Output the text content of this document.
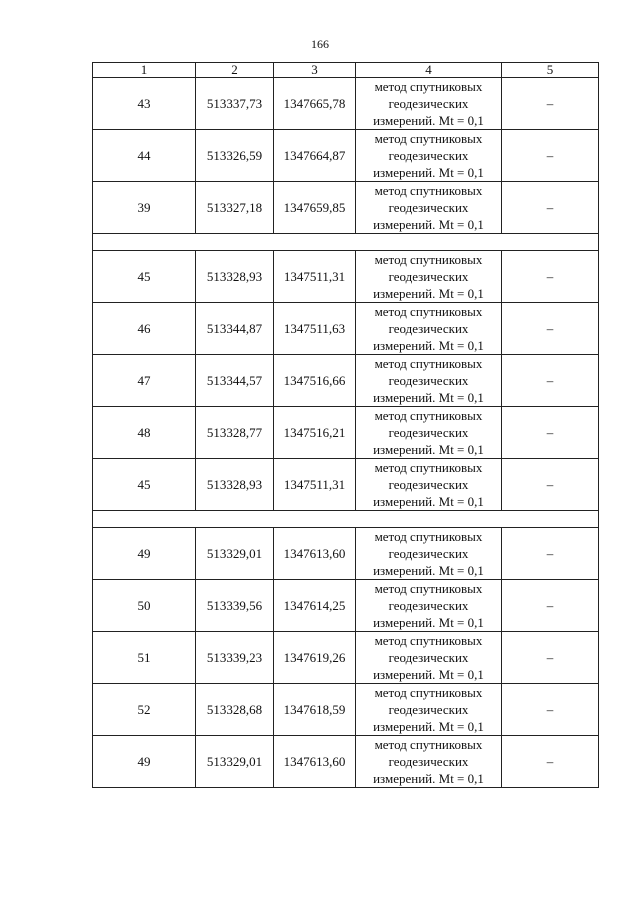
166
1	2	3	4	5
43	513337,73	1347665,78	метод спутниковых
геодезических
измерений. Mt = 0,1	–
44	513326,59	1347664,87	метод спутниковых
геодезических
измерений. Mt = 0,1	–
39	513327,18	1347659,85	метод спутниковых
геодезических
измерений. Mt = 0,1	–

45	513328,93	1347511,31	метод спутниковых
геодезических
измерений. Mt = 0,1	–
46	513344,87	1347511,63	метод спутниковых
геодезических
измерений. Mt = 0,1	–
47	513344,57	1347516,66	метод спутниковых
геодезических
измерений. Mt = 0,1	–
48	513328,77	1347516,21	метод спутниковых
геодезических
измерений. Mt = 0,1	–
45	513328,93	1347511,31	метод спутниковых
геодезических
измерений. Mt = 0,1	–

49	513329,01	1347613,60	метод спутниковых
геодезических
измерений. Mt = 0,1	–
50	513339,56	1347614,25	метод спутниковых
геодезических
измерений. Mt = 0,1	–
51	513339,23	1347619,26	метод спутниковых
геодезических
измерений. Mt = 0,1	–
52	513328,68	1347618,59	метод спутниковых
геодезических
измерений. Mt = 0,1	–
49	513329,01	1347613,60	метод спутниковых
геодезических
измерений. Mt = 0,1	–
